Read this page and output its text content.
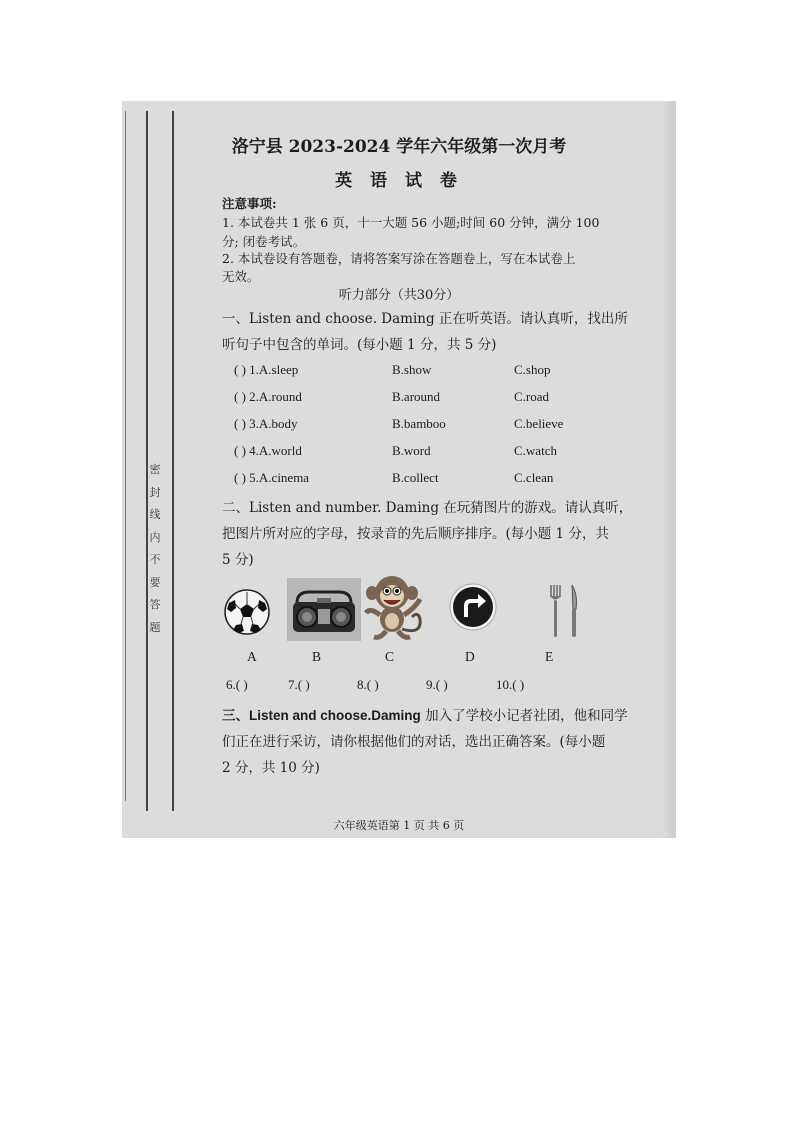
密
封
线
内
不
要
答
题
洛宁县 2023-2024 学年六年级第一次月考
英 语 试 卷
注意事项:
1. 本试卷共 1 张 6 页，十一大题 56 小题;时间 60 分钟，满分 100
分; 闭卷考试。
2. 本试卷设有答题卷，请将答案写涂在答题卷上，写在本试卷上
无效。
听力部分（共30分）
一、Listen and choose. Daming 正在听英语。请认真听，找出所
听句子中包含的单词。(每小题 1 分，共 5 分)
( ) 1.A.sleep	B.show	C.shop
( ) 2.A.round	B.around	C.road
( ) 3.A.body	B.bamboo	C.believe
( ) 4.A.world	B.word	C.watch
( ) 5.A.cinema	B.collect	C.clean
二、Listen and number. Daming 在玩猜图片的游戏。请认真听，
把图片所对应的字母，按录音的先后顺序排序。(每小题 1 分，共
5 分)
A	B	C	D	E
6.( )	7.( )	8.( )	9.( )	10.( )
三、Listen and choose.Daming 加入了学校小记者社团，他和同学
们正在进行采访，请你根据他们的对话，选出正确答案。(每小题
2 分，共 10 分)
六年级英语第 1 页 共 6 页
